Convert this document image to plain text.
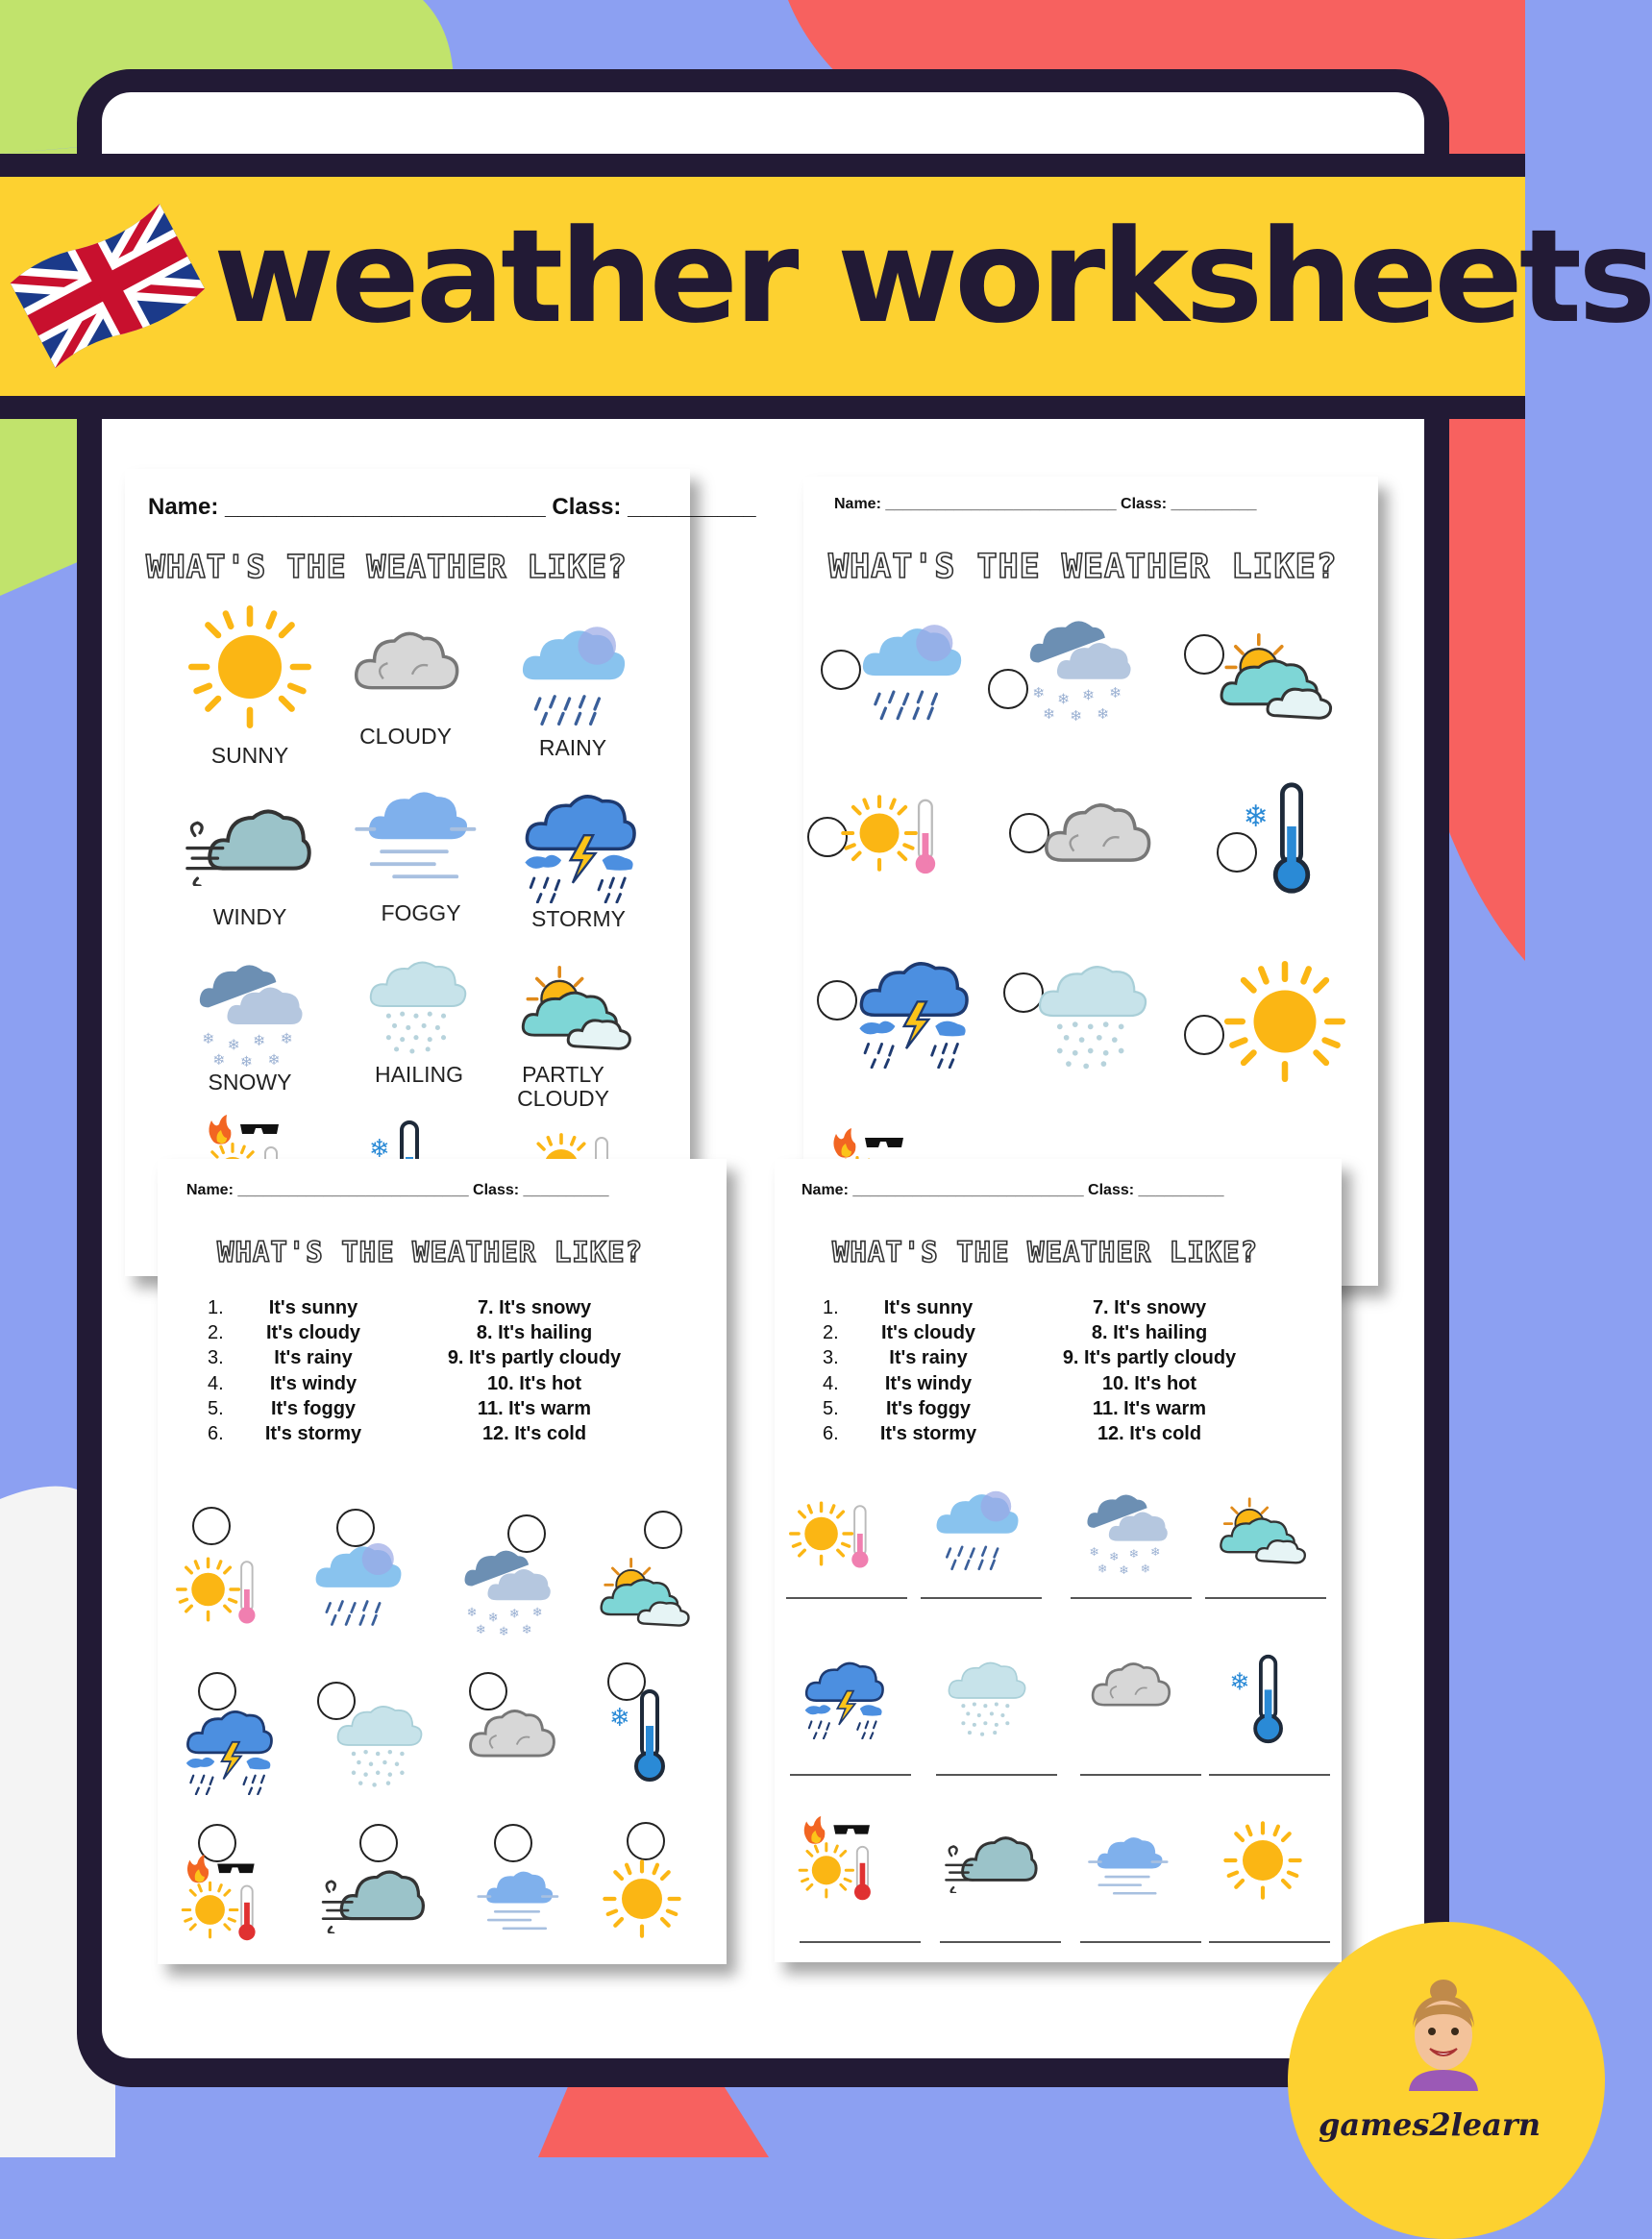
weather worksheets
Name: _________________________ Class: __________
WHAT'S THE WEATHER LIKE?
SUNNY
CLOUDY	RAINY
WINDY	FOGGY	STORMY
SNOWY	HAILING	PARTLY CLOUDY
Name: ___________________________ Class: __________
WHAT'S THE WEATHER LIKE?
Name: ___________________________ Class: __________
WHAT'S THE WEATHER LIKE?
1. It's sunny
2. It's cloudy
3.	It's rainy
4. It's windy
5. It's foggy
6. It's stormy
7. It's snowy
8. It's hailing
9. It's partly cloudy
10. It's hot
11. It's warm
12. It's cold
Name: ___________________________ Class: __________
WHAT'S THE WEATHER LIKE?
1. It's sunny
2. It's cloudy
3.	It's rainy
4. It's windy
5. It's foggy
6. It's stormy
7. It's snowy
8. It's hailing
9. It's partly cloudy
10. It's hot
11. It's warm
12. It's cold
games2learn
